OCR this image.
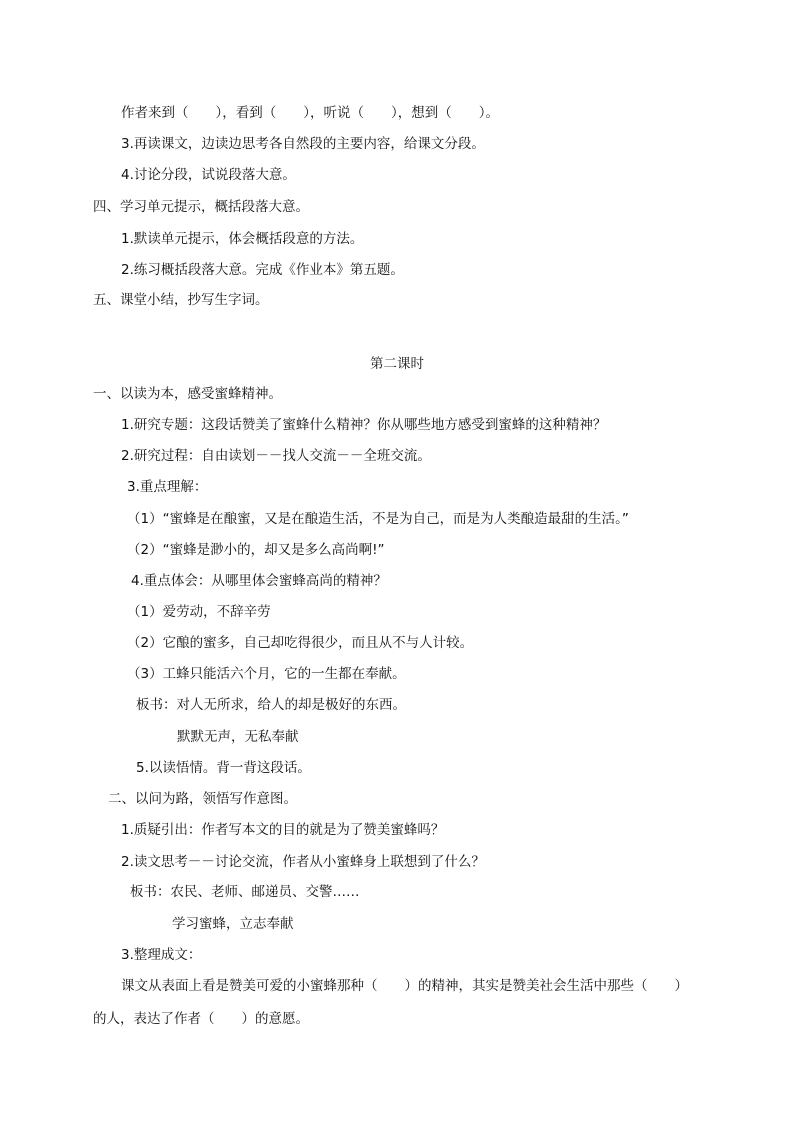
作者来到（　　），看到（　　），听说（　　），想到（　　）。
3.再读课文，边读边思考各自然段的主要内容，给课文分段。
4.讨论分段，试说段落大意。
四、学习单元提示，概括段落大意。
1.默读单元提示，体会概括段意的方法。
2.练习概括段落大意。完成《作业本》第五题。
五、课堂小结，抄写生字词。
第二课时
一、以读为本，感受蜜蜂精神。
1.研究专题：这段话赞美了蜜蜂什么精神？你从哪些地方感受到蜜蜂的这种精神？
2.研究过程：自由读划－－找人交流－－全班交流。
3.重点理解：
（1）“蜜蜂是在酿蜜，又是在酿造生活，不是为自己，而是为人类酿造最甜的生活。”
（2）“蜜蜂是渺小的，却又是多么高尚啊!”
4.重点体会：从哪里体会蜜蜂高尚的精神？
（1）爱劳动，不辞辛劳
（2）它酿的蜜多，自己却吃得很少，而且从不与人计较。
（3）工蜂只能活六个月，它的一生都在奉献。
板书：对人无所求，给人的却是极好的东西。
默默无声，无私奉献
5.以读悟情。背一背这段话。
二、以问为路，领悟写作意图。
1.质疑引出：作者写本文的目的就是为了赞美蜜蜂吗？
2.读文思考－－讨论交流，作者从小蜜蜂身上联想到了什么？
板书：农民、老师、邮递员、交警……
学习蜜蜂，立志奉献
3.整理成文：
课文从表面上看是赞美可爱的小蜜蜂那种（　　）的精神，其实是赞美社会生活中那些（　　）
的人，表达了作者（　　）的意愿。
